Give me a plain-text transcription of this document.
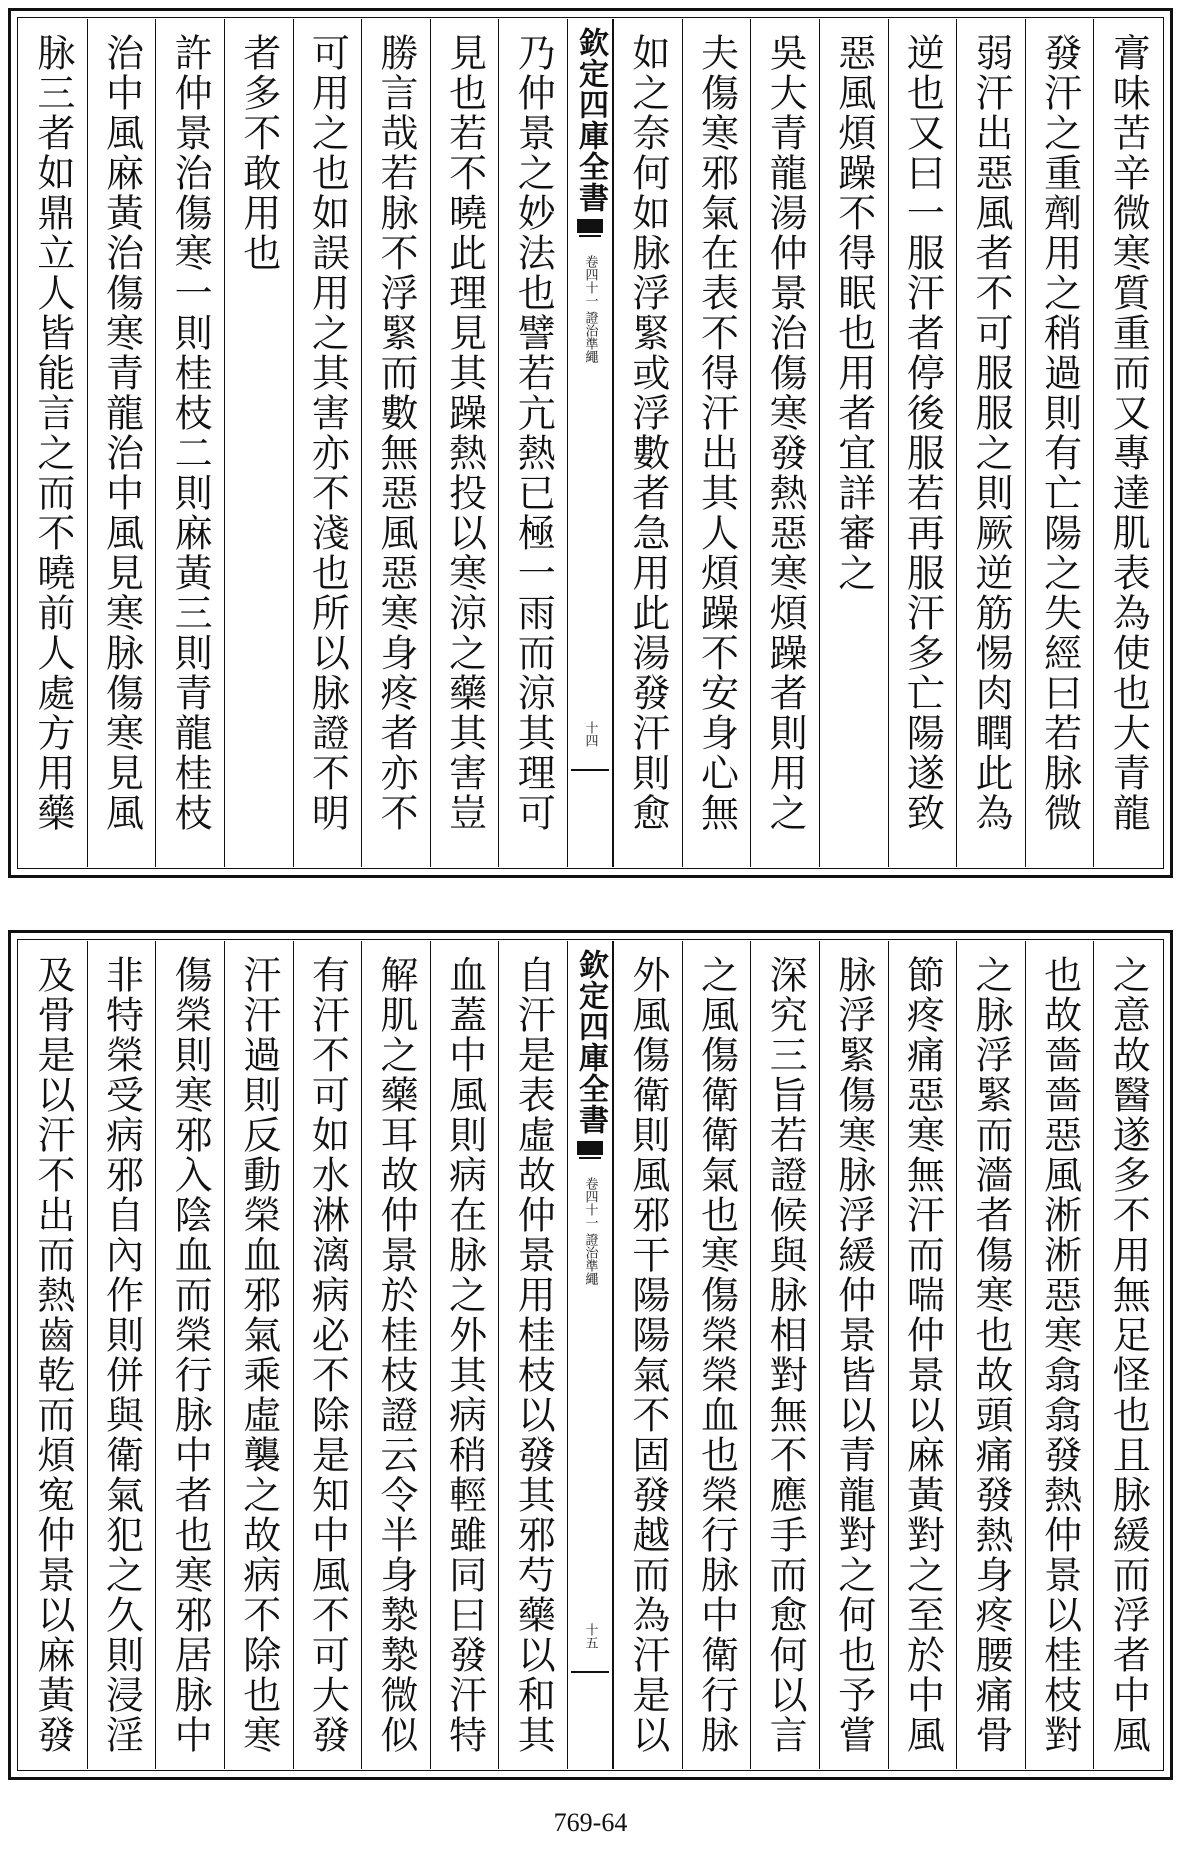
膏味苦辛微寒質重而又專達肌表為使也大青龍
發汗之重劑用之稍過則有亡陽之失經曰若脉微
弱汗出惡風者不可服服之則厥逆筋惕肉瞤此為
逆也又曰一服汗者停後服若再服汗多亡陽遂致
惡風煩躁不得眠也用者宜詳審之
吳大青龍湯仲景治傷寒發熱惡寒煩躁者則用之
夫傷寒邪氣在表不得汗出其人煩躁不安身心無
如之奈何如脉浮緊或浮數者急用此湯發汗則愈
欽定四庫全書
證治準繩
卷四十一
十四
乃仲景之妙法也譬若亢熱已極一雨而涼其理可
見也若不曉此理見其躁熱投以寒涼之藥其害豈
勝言哉若脉不浮緊而數無惡風惡寒身疼者亦不
可用之也如誤用之其害亦不淺也所以脉證不明
者多不敢用也
許仲景治傷寒一則桂枝二則麻黃三則青龍桂枝
治中風麻黃治傷寒青龍治中風見寒脉傷寒見風
脉三者如鼎立人皆能言之而不曉前人處方用藥
之意故醫遂多不用無足怪也且脉緩而浮者中風
也故嗇嗇惡風淅淅惡寒翕翕發熱仲景以桂枝對
之脉浮緊而濇者傷寒也故頭痛發熱身疼腰痛骨
節疼痛惡寒無汗而喘仲景以麻黃對之至於中風
脉浮緊傷寒脉浮緩仲景皆以青龍對之何也予嘗
深究三旨若證候與脉相對無不應手而愈何以言
之風傷衛衛氣也寒傷榮榮血也榮行脉中衛行脉
外風傷衛則風邪干陽陽氣不固發越而為汗是以
欽定四庫全書
證治準繩
卷四十一
十五
自汗是表虛故仲景用桂枝以發其邪芍藥以和其
血蓋中風則病在脉之外其病稍輕雖同曰發汗特
解肌之藥耳故仲景於桂枝證云令半身漐漐微似
有汗不可如水淋漓病必不除是知中風不可大發
汗汗過則反動榮血邪氣乘虛襲之故病不除也寒
傷榮則寒邪入陰血而榮行脉中者也寒邪居脉中
非特榮受病邪自內作則併與衛氣犯之久則浸淫
及骨是以汗不出而熱齒乾而煩寃仲景以麻黃發
769-64
